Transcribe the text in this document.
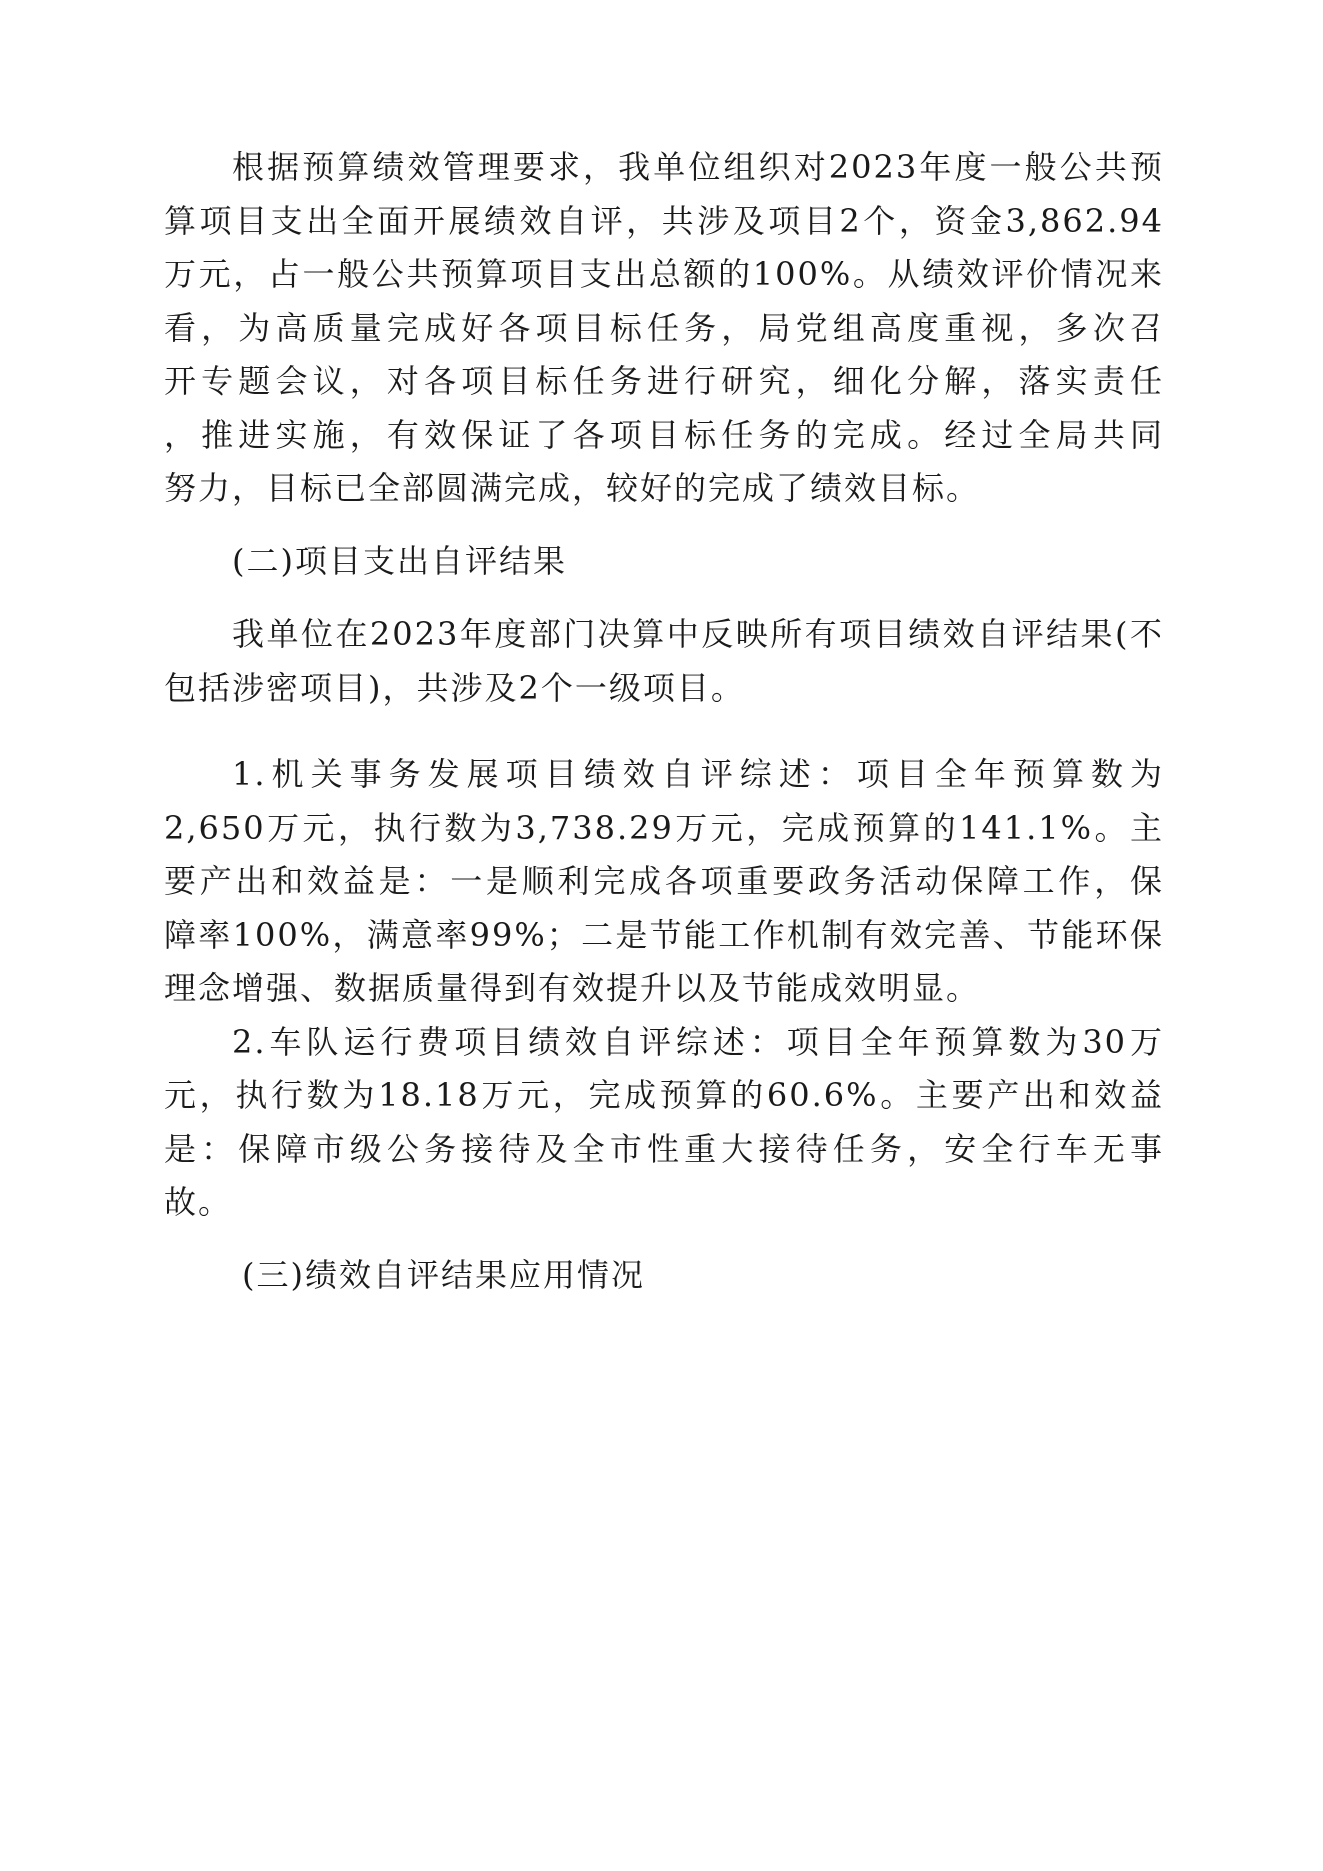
根据预算绩效管理要求，我单位组织对2023年度一般公共预
算项目支出全面开展绩效自评，共涉及项目2个，资金3,862.94
万元，占一般公共预算项目支出总额的100%。从绩效评价情况来
看，为高质量完成好各项目标任务，局党组高度重视，多次召
开专题会议，对各项目标任务进行研究，细化分解，落实责任
，推进实施，有效保证了各项目标任务的完成。经过全局共同
努力，目标已全部圆满完成，较好的完成了绩效目标。
(二)项目支出自评结果
我单位在2023年度部门决算中反映所有项目绩效自评结果(不
包括涉密项目)，共涉及2个一级项目。
1.机关事务发展项目绩效自评综述：项目全年预算数为
2,650万元，执行数为3,738.29万元，完成预算的141.1%。主
要产出和效益是：一是顺利完成各项重要政务活动保障工作，保
障率100%，满意率99%；二是节能工作机制有效完善、节能环保
理念增强、数据质量得到有效提升以及节能成效明显。
2.车队运行费项目绩效自评综述：项目全年预算数为30万
元，执行数为18.18万元，完成预算的60.6%。主要产出和效益
是：保障市级公务接待及全市性重大接待任务，安全行车无事
故。
(三)绩效自评结果应用情况
